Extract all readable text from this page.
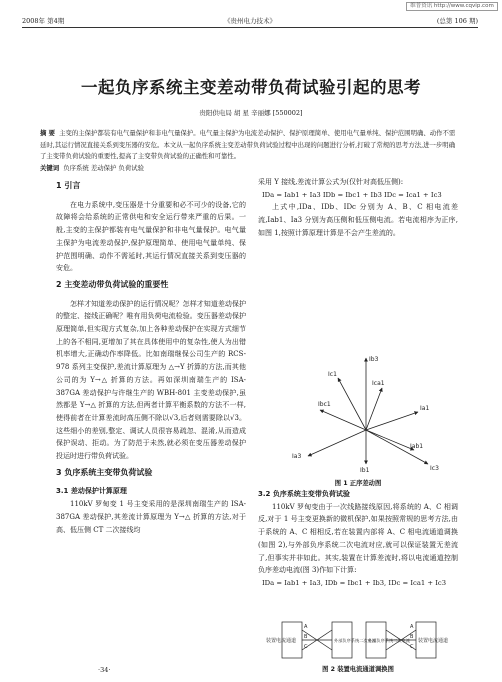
维普资讯 http://www.cqvip.com
2008年 第4期	《贵州电力技术》	(总第 106 期)
一起负序系统主变差动带负荷试验引起的思考
贵阳供电局 胡 星 辛丽娜 [550002]
摘 要 主变的主保护都装有电气量保护和非电气量保护。电气量主保护为电流差动保护、保护原理简单、使用电气量单纯、保护范围明确、动作不需延时,其运行情况直接关系到变压器的安危。本文从一起负序系统主变差动带负荷试验过程中出现的问题进行分析,打破了常规的思考方法,进一步明确了主变带负荷试验的重要性,提高了主变带负荷试验的正确性和可靠性。
关键词 负序系统 差动保护 负荷试验
1 引言
在电力系统中,变压器是十分重要和必不可少的设备,它的故障将会给系统的正常供电和安全运行带来严重的后果。一般,主变的主保护都装有电气量保护和非电气量保护。电气量主保护为电流差动保护,保护原理简单、使用电气量单纯、保护范围明确、动作不需延时,其运行情况直接关系到变压器的安危。
2 主变差动带负荷试验的重要性
怎样才知道差动保护的运行情况呢？怎样才知道差动保护的整定、接线正确呢？唯有用负荷电流检验。变压器差动保护原理简单,但实现方式复杂,加上各种差动保护在实现方式细节上的各不相同,更增加了其在具体使用中的复杂性,使人为出错机率增大,正确动作率降低。比如南瑞继保公司生产的 RCS-978 系列主变保护,差流计算原理为 △→Y 折算的方法,而其他公司的为 Y→△ 折算的方法。再如深圳南瑞生产的 ISA-387GA 差动保护与许继生产的 WBH-801 主变差动保护,虽然都是 Y→△ 折算的方法,但两者计算平衡系数的方法不一样,使得前者在计算差流时高压侧不除以√3,后者则需要除以√3。这些细小的差别,整定、调试人员很容易疏忽、混淆,从而造成保护误动、拒动。为了防范于未然,就必须在变压器差动保护投运时进行带负荷试验。
3 负序系统主变带负荷试验
3.1 差动保护计算原理
110kV 罗甸变 1 号主变采用的是深圳南瑞生产的 ISA-387GA 差动保护,其差流计算原理为 Y→△ 折算的方法,对于高、低压侧 CT 二次接线均
·34·
采用 Y 接线,差流计算公式为(仅针对高低压侧):
IDa = Iab1 + Ia3 IDb = Ibc1 + Ib3 IDc = Ica1 + Ic3
上式中,IDa、IDb、IDc 分别为 A、B、C 相电流差流,Iab1、Ia3 分别为高压侧和低压侧电流。若电流相序为正序,如图 1,按照计算原理计算是不会产生差流的。
Ib3
Ic1
Ica1
Ibc1
Ia1
Iab1
Ia3
Ib1	Ic3
图 1 正序差动图
3.2 负序系统主变带负荷试验
110kV 罗甸变由于一次线路接线原因,将系统的 A、C 相调反,对于 1 号主变更换新的微机保护,如果按照常规的思考方法,由于系统的 A、C 相相反,若在装置内部将 A、C 相电流通道调换(如图 2),与外部负序系统二次电流对应,就可以保证装置无差流了,但事实并非如此。其实,装置在计算差流时,将以电流通道控制负序差动电流(图 3)作如下计算:
IDa = Iab1 + Ia3, IDb = Ibc1 + Ib3, IDc = Ica1 + Ic3
装置电流通道	外部负序系统二次电流
外部负序系统二次电流 装置电流通道
A
B
C
A
B
C
图 2 装置电流通道调换图
